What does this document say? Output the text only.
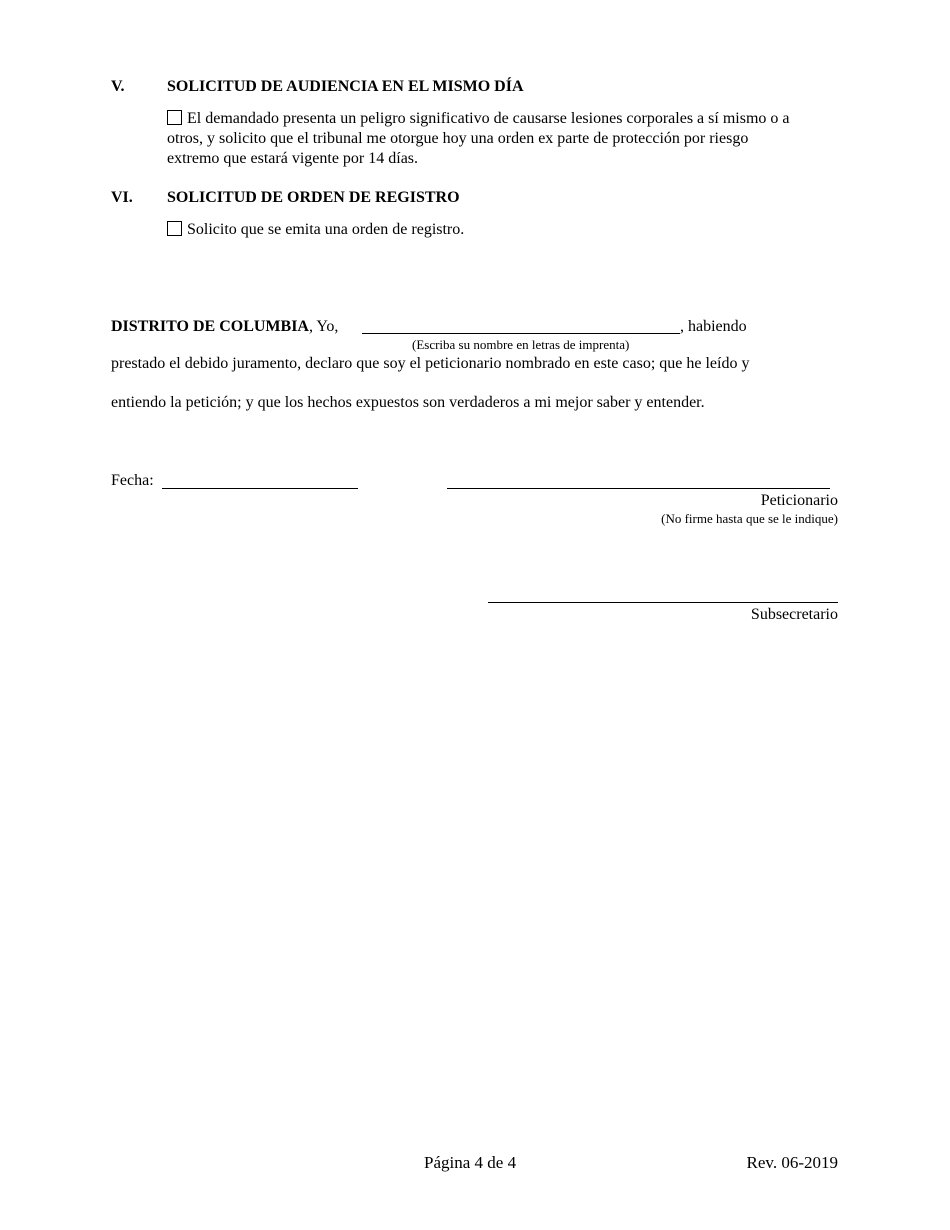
V.	SOLICITUD DE AUDIENCIA EN EL MISMO DÍA
El demandado presenta un peligro significativo de causarse lesiones corporales a sí mismo o a
otros, y solicito que el tribunal me otorgue hoy una orden ex parte de protección por riesgo
extremo que estará vigente por 14 días.
VI. SOLICITUD DE ORDEN DE REGISTRO
Solicito que se emita una orden de registro.
DISTRITO DE COLUMBIA, Yo,	, habiendo
(Escriba su nombre en letras de imprenta)
prestado el debido juramento, declaro que soy el peticionario nombrado en este caso; que he leído y
entiendo la petición; y que los hechos expuestos son verdaderos a mi mejor saber y entender.
Fecha:
Peticionario
(No firme hasta que se le indique)
Subsecretario
Página 4 de 4	Rev. 06-2019
